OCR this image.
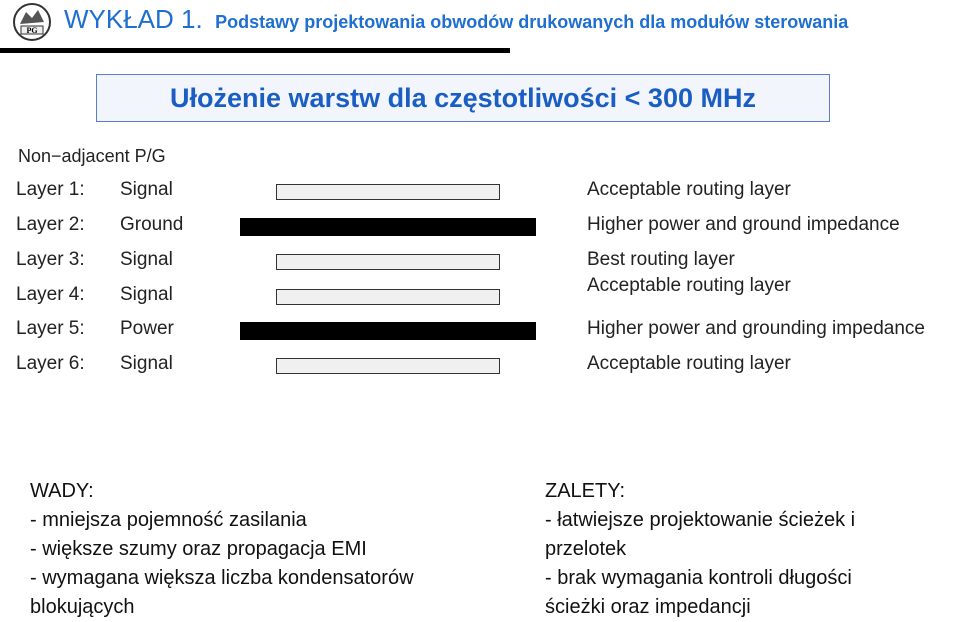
PG WYKŁAD 1. Podstawy projektowania obwodów drukowanych dla modułów sterowania
Ułożenie warstw dla częstotliwości < 300 MHz
Non−adjacent P/G
Layer 1: Signal	Acceptable routing layer
Layer 2: Ground	Higher power and ground impedance
Layer 3: Signal	Best routing layer
Layer 4: Signal	Acceptable routing layer
Layer 5: Power	Higher power and grounding impedance
Layer 6: Signal	Acceptable routing layer
WADY:
- mniejsza pojemność zasilania
- większe szumy oraz propagacja EMI
- wymagana większa liczba kondensatorów
blokujących
ZALETY:
- łatwiejsze projektowanie ścieżek i
przelotek
- brak wymagania kontroli długości
ścieżki oraz impedancji
